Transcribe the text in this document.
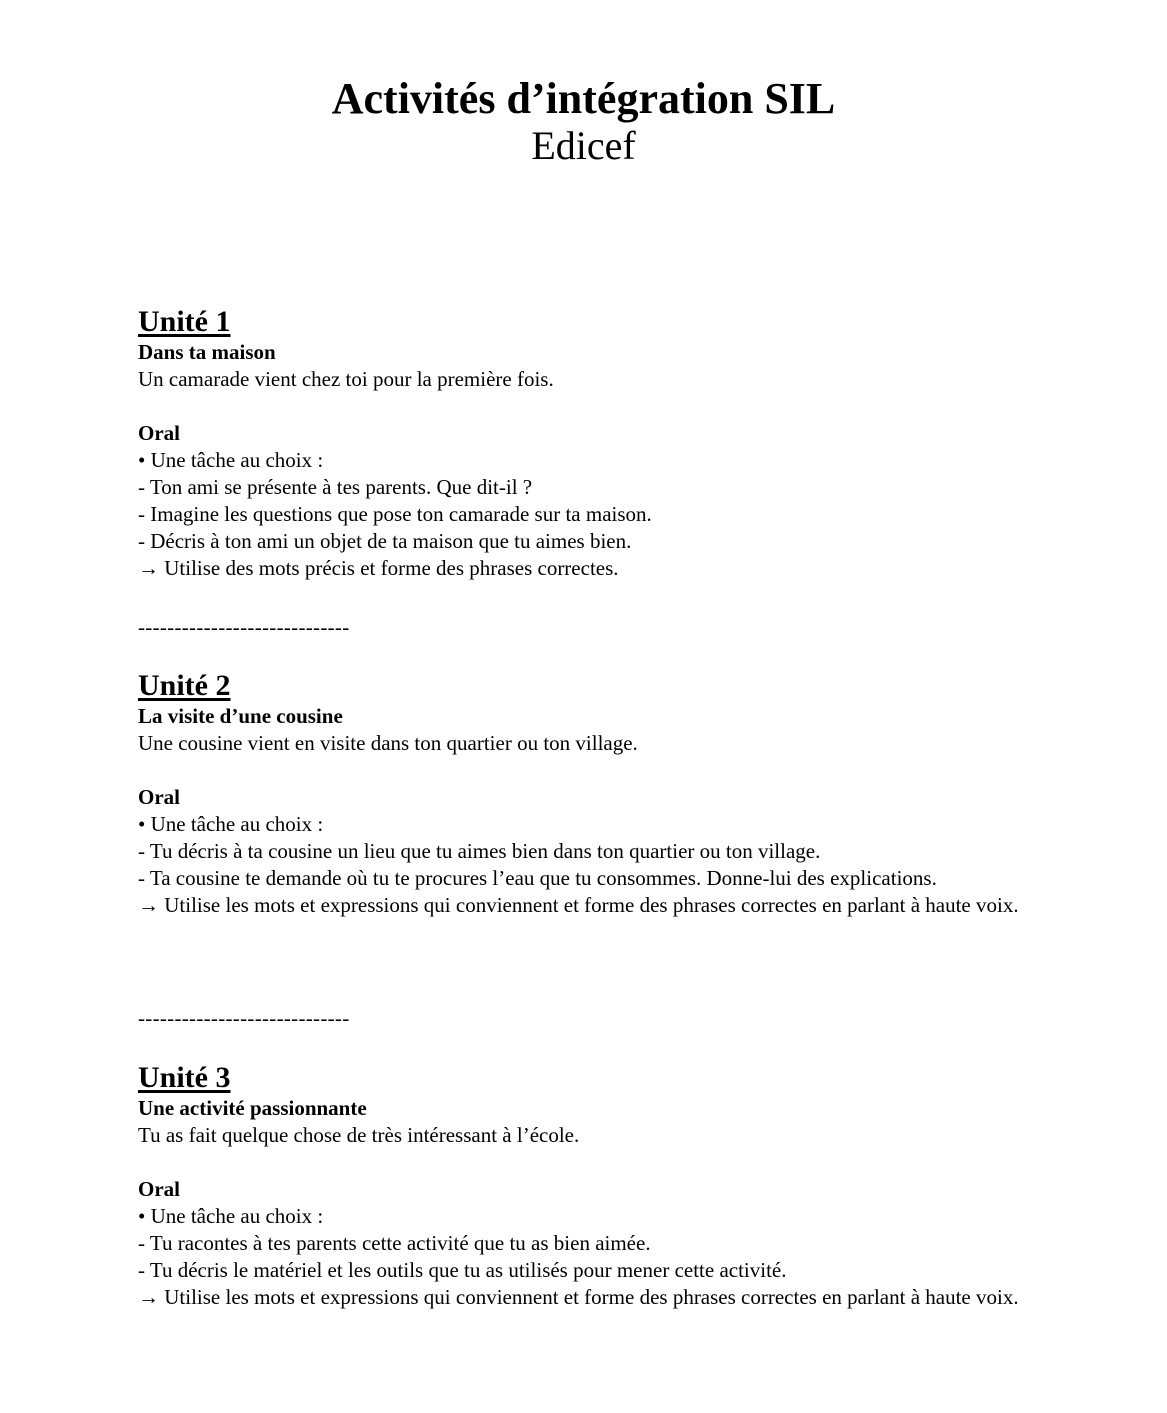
Activités d’intégration SIL
Edicef
Unité 1
Dans ta maison
Un camarade vient chez toi pour la première fois.
Oral
• Une tâche au choix :
- Ton ami se présente à tes parents. Que dit-il ?
- Imagine les questions que pose ton camarade sur ta maison.
- Décris à ton ami un objet de ta maison que tu aimes bien.
→ Utilise des mots précis et forme des phrases correctes.
-----------------------------
Unité 2
La visite d’une cousine
Une cousine vient en visite dans ton quartier ou ton village.
Oral
• Une tâche au choix :
- Tu décris à ta cousine un lieu que tu aimes bien dans ton quartier ou ton village.
- Ta cousine te demande où tu te procures l’eau que tu consommes. Donne-lui des explications.
→ Utilise les mots et expressions qui conviennent et forme des phrases correctes en parlant à haute voix.
-----------------------------
Unité 3
Une activité passionnante
Tu as fait quelque chose de très intéressant à l’école.
Oral
• Une tâche au choix :
- Tu racontes à tes parents cette activité que tu as bien aimée.
- Tu décris le matériel et les outils que tu as utilisés pour mener cette activité.
→ Utilise les mots et expressions qui conviennent et forme des phrases correctes en parlant à haute voix.
